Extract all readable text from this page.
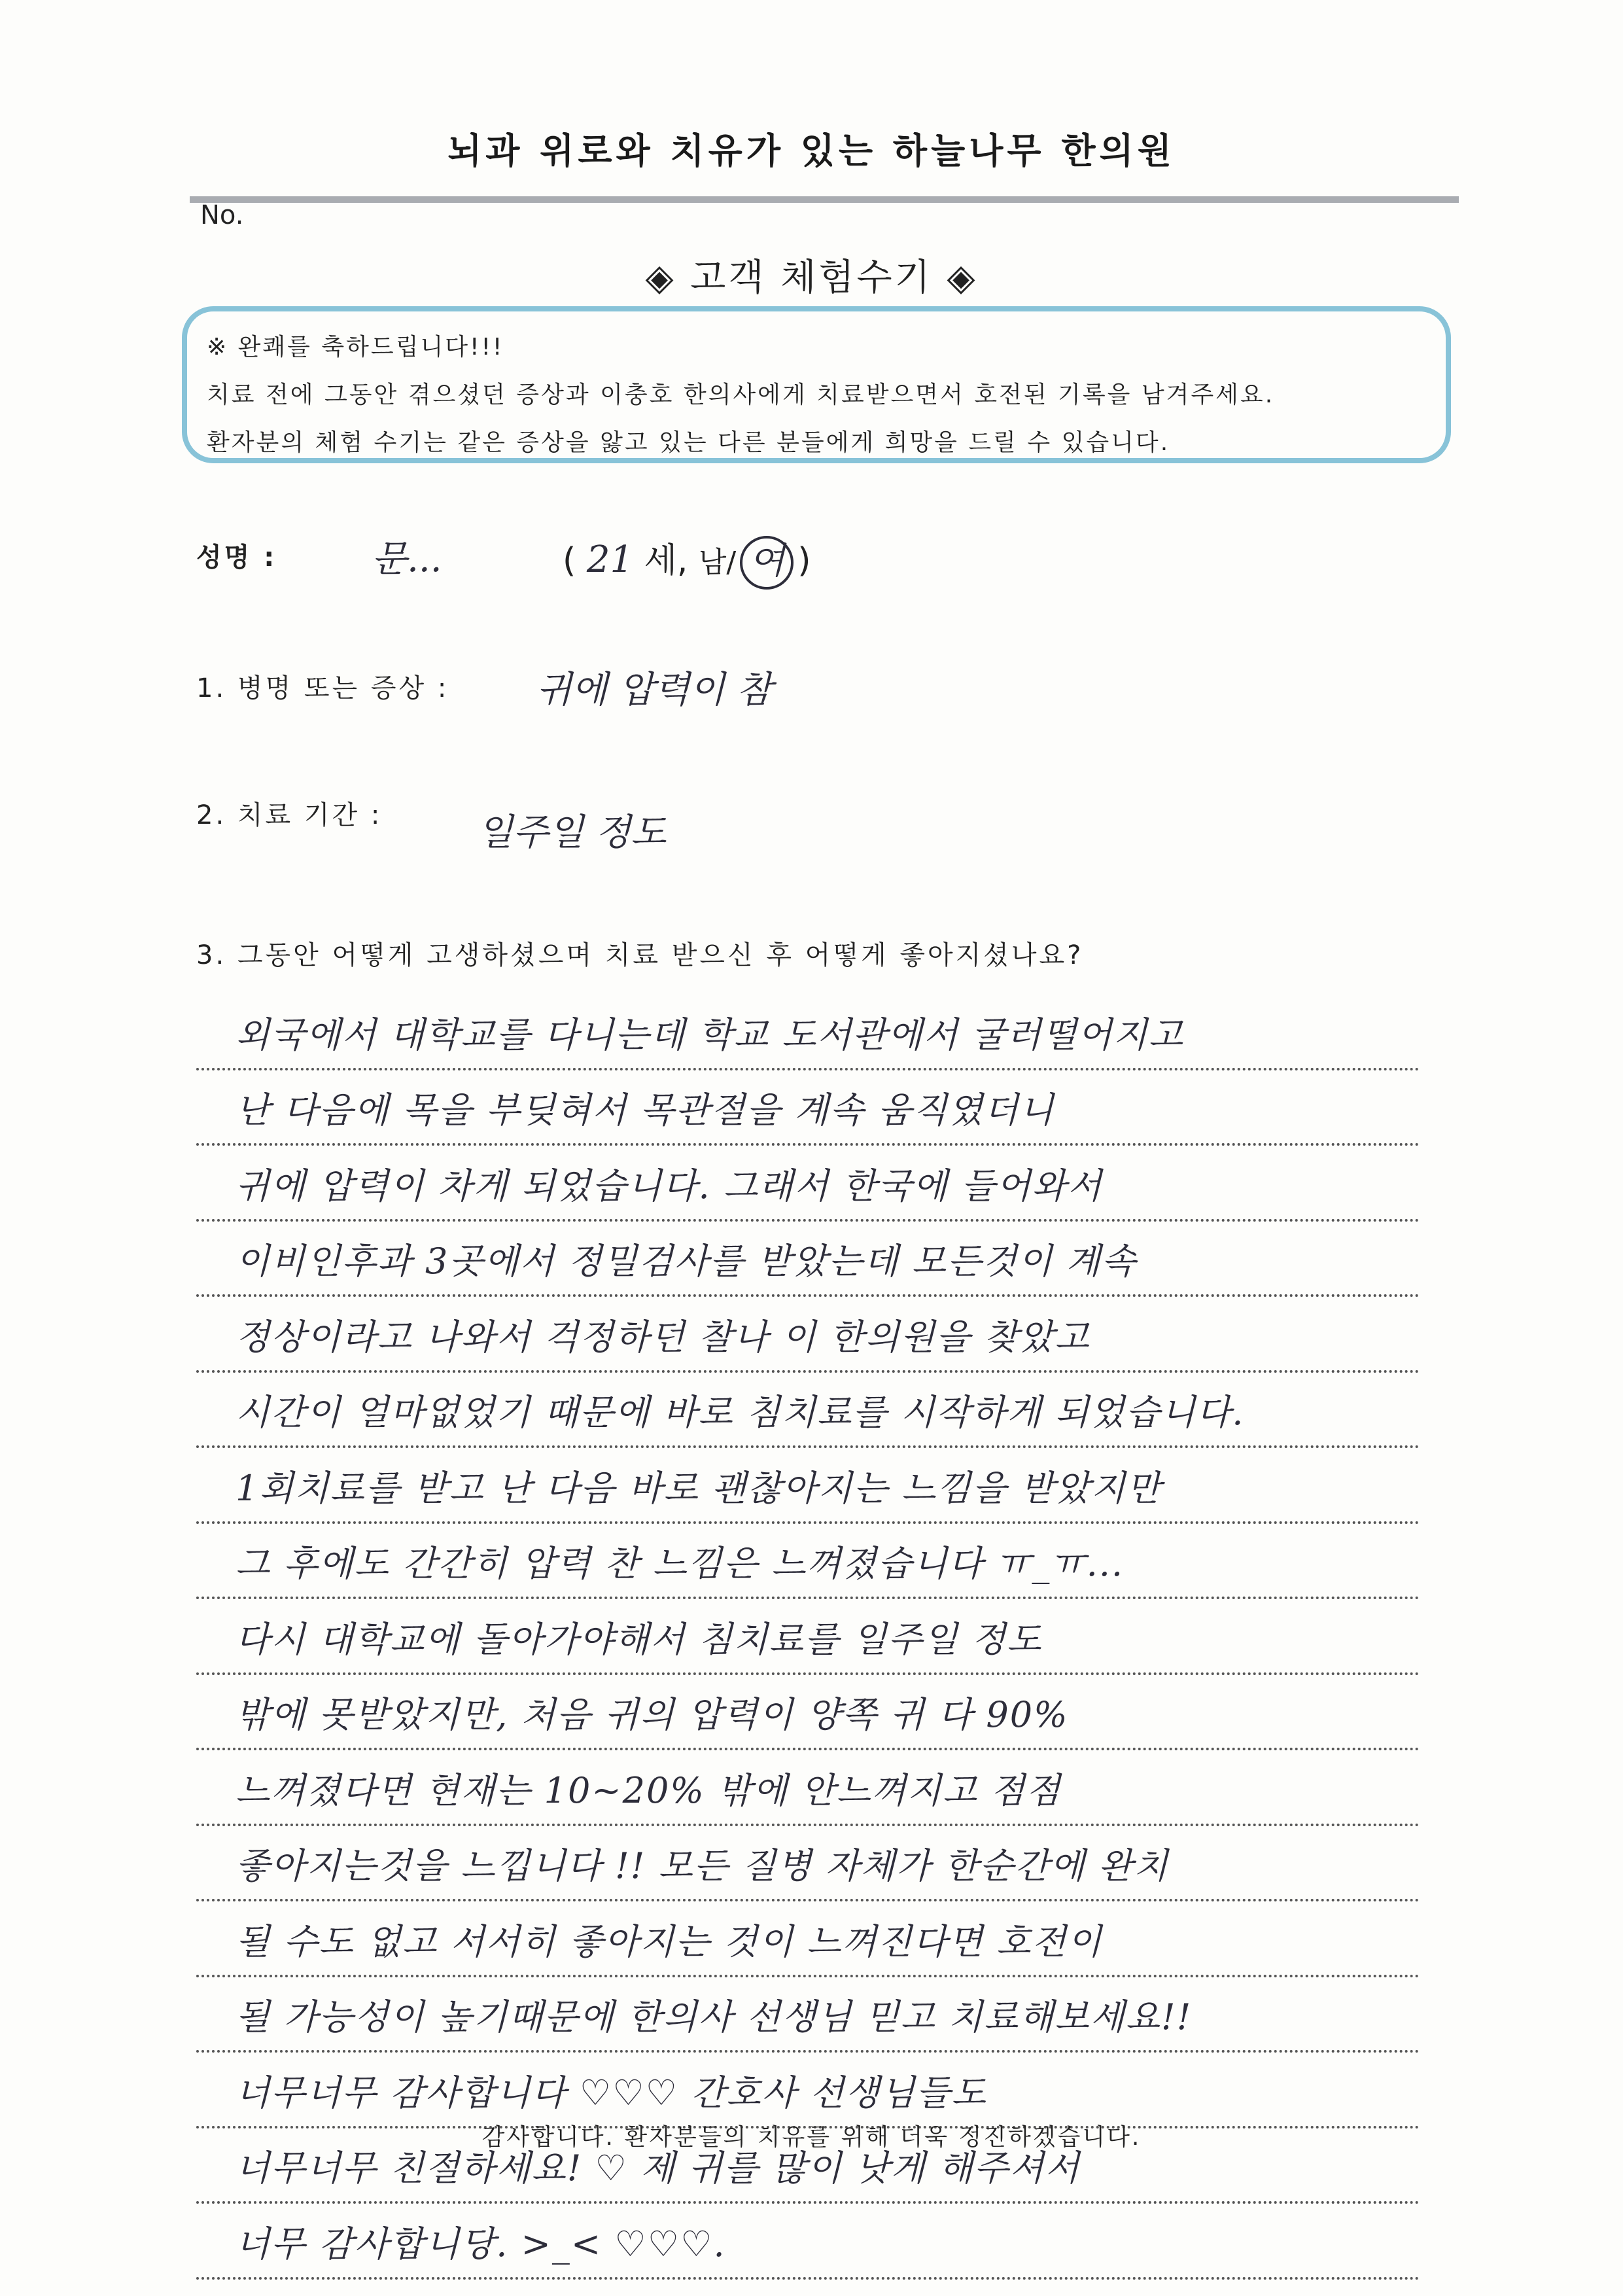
뇌과 위로와 치유가 있는 하늘나무 한의원
No.
◈ 고객 체험수기 ◈

※ 완쾌를 축하드립니다!!!

치료 전에 그동안 겪으셨던 증상과 이충호 한의사에게 치료받으면서 호전된 기록을 남겨주세요.

환자분의 체험 수기는 같은 증상을 앓고 있는 다른 분들에게 희망을 드릴 수 있습니다.

성명 :	문...	( 21 세, 남/ 여 )
1. 병명 또는 증상 : 귀에 압력이 참
2. 치료 기간 :	일주일 정도
3. 그동안 어떻게 고생하셨으며 치료 받으신 후 어떻게 좋아지셨나요?
외국에서 대학교를 다니는데 학교 도서관에서 굴러떨어지고
난 다음에 목을 부딪혀서 목관절을 계속 움직였더니
귀에 압력이 차게 되었습니다. 그래서 한국에 들어와서
이비인후과 3곳에서 정밀검사를 받았는데 모든것이 계속
정상이라고 나와서 걱정하던 찰나 이 한의원을 찾았고
시간이 얼마없었기 때문에 바로 침치료를 시작하게 되었습니다.
1회치료를 받고 난 다음 바로 괜찮아지는 느낌을 받았지만
그 후에도 간간히 압력 찬 느낌은 느껴졌습니다 ㅠ_ㅠ...
다시 대학교에 돌아가야해서 침치료를 일주일 정도
밖에 못받았지만, 처음 귀의 압력이 양쪽 귀 다 90%
느껴졌다면 현재는 10~20% 밖에 안느껴지고 점점
좋아지는것을 느낍니다 !! 모든 질병 자체가 한순간에 완치
될 수도 없고 서서히 좋아지는 것이 느껴진다면 호전이
될 가능성이 높기때문에 한의사 선생님 믿고 치료해보세요!!
너무너무 감사합니다 ♡♡♡ 간호사 선생님들도
너무너무 친절하세요! ♡ 제 귀를 많이 낫게 해주셔서
너무 감사합니당. >_< ♡♡♡.
감사합니다. 환자분들의 치유를 위해 더욱 정진하겠습니다.
